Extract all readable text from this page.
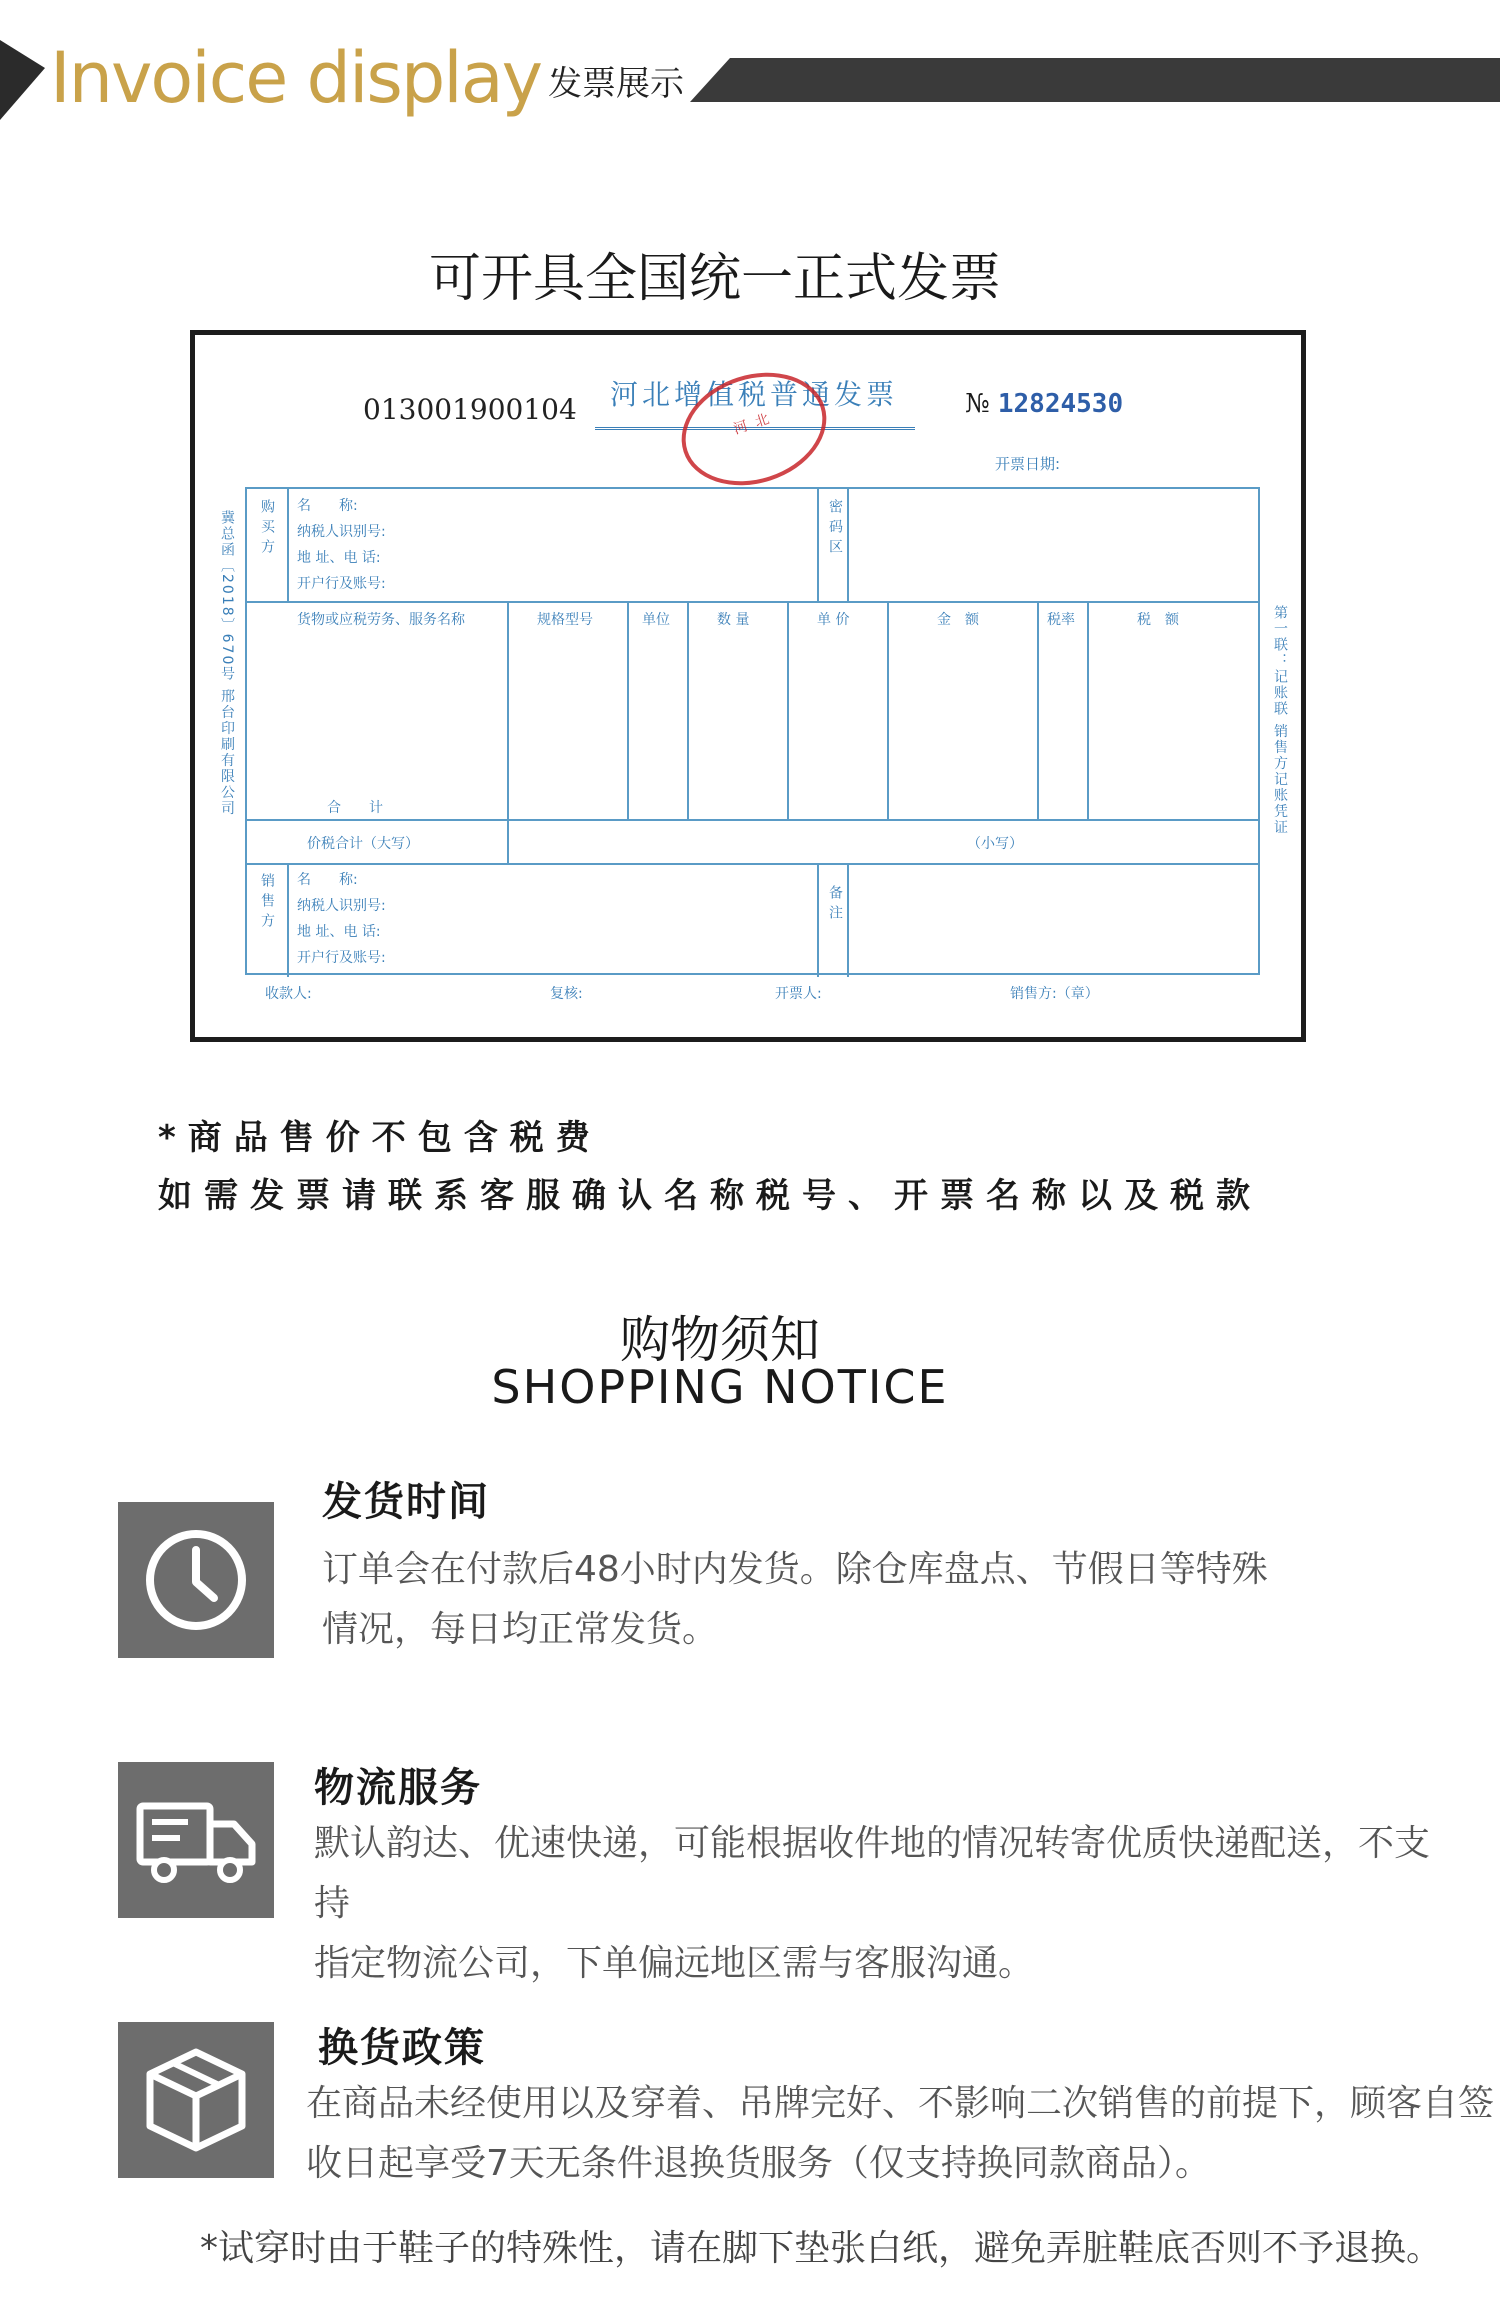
Invoice display 发票展示
可开具全国统一正式发票
013001900104 河北增值税普通发票
河 北
№ 12824530
开票日期:
冀总函〔2018〕670号 邢台印刷有限公司	第一联：记账联 销售方记账凭证
购买方 名　　称:
纳税人识别号:
地 址、电 话:
开户行及账号:
密码区
货物或应税劳务、服务名称	规格型号	单位	数 量	单 价	金　额	税率	税　额
合　　计
价税合计（大写）	（小写）
销售方 名　　称:
纳税人识别号:
地 址、电 话:
开户行及账号:
备注
收款人:	复核:	开票人:	销售方:（章）
*商品售价不包含税费
如需发票请联系客服确认名称税号、开票名称以及税款
购物须知
SHOPPING NOTICE
发货时间
订单会在付款后48小时内发货。除仓库盘点、节假日等特殊
情况，每日均正常发货。
物流服务
默认韵达、优速快递，可能根据收件地的情况转寄优质快递配送，不支持
指定物流公司，下单偏远地区需与客服沟通。
换货政策
在商品未经使用以及穿着、吊牌完好、不影响二次销售的前提下，顾客自签
收日起享受7天无条件退换货服务（仅支持换同款商品）。
*试穿时由于鞋子的特殊性，请在脚下垫张白纸，避免弄脏鞋底否则不予退换。
